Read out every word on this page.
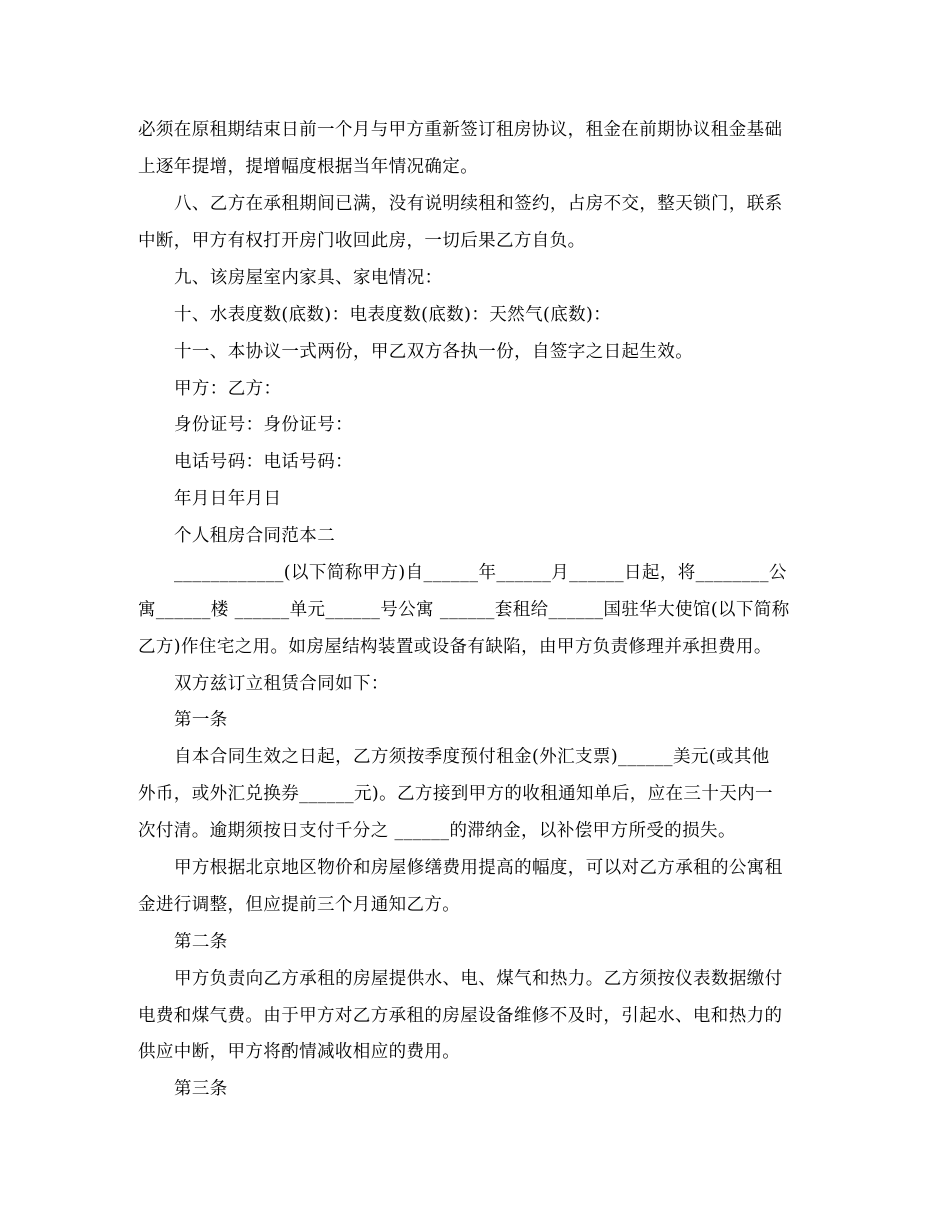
必须在原租期结束日前一个月与甲方重新签订租房协议，租金在前期协议租金基础
上逐年提增，提增幅度根据当年情况确定。
八、乙方在承租期间已满，没有说明续租和签约，占房不交，整天锁门，联系
中断，甲方有权打开房门收回此房，一切后果乙方自负。
九、该房屋室内家具、家电情况：
十、水表度数(底数)：电表度数(底数)：天然气(底数)：
十一、本协议一式两份，甲乙双方各执一份，自签字之日起生效。
甲方：乙方：
身份证号：身份证号：
电话号码：电话号码：
年月日年月日
个人租房合同范本二
____________(以下简称甲方)自______年______月______日起，将________公
寓______楼 ______单元______号公寓 ______套租给______国驻华大使馆(以下简称
乙方)作住宅之用。如房屋结构装置或设备有缺陷，由甲方负责修理并承担费用。
双方兹订立租赁合同如下：
第一条
自本合同生效之日起，乙方须按季度预付租金(外汇支票)______美元(或其他
外币，或外汇兑换券______元)。乙方接到甲方的收租通知单后，应在三十天内一
次付清。逾期须按日支付千分之 ______的滞纳金，以补偿甲方所受的损失。
甲方根据北京地区物价和房屋修缮费用提高的幅度，可以对乙方承租的公寓租
金进行调整，但应提前三个月通知乙方。
第二条
甲方负责向乙方承租的房屋提供水、电、煤气和热力。乙方须按仪表数据缴付
电费和煤气费。由于甲方对乙方承租的房屋设备维修不及时，引起水、电和热力的
供应中断，甲方将酌情减收相应的费用。
第三条
